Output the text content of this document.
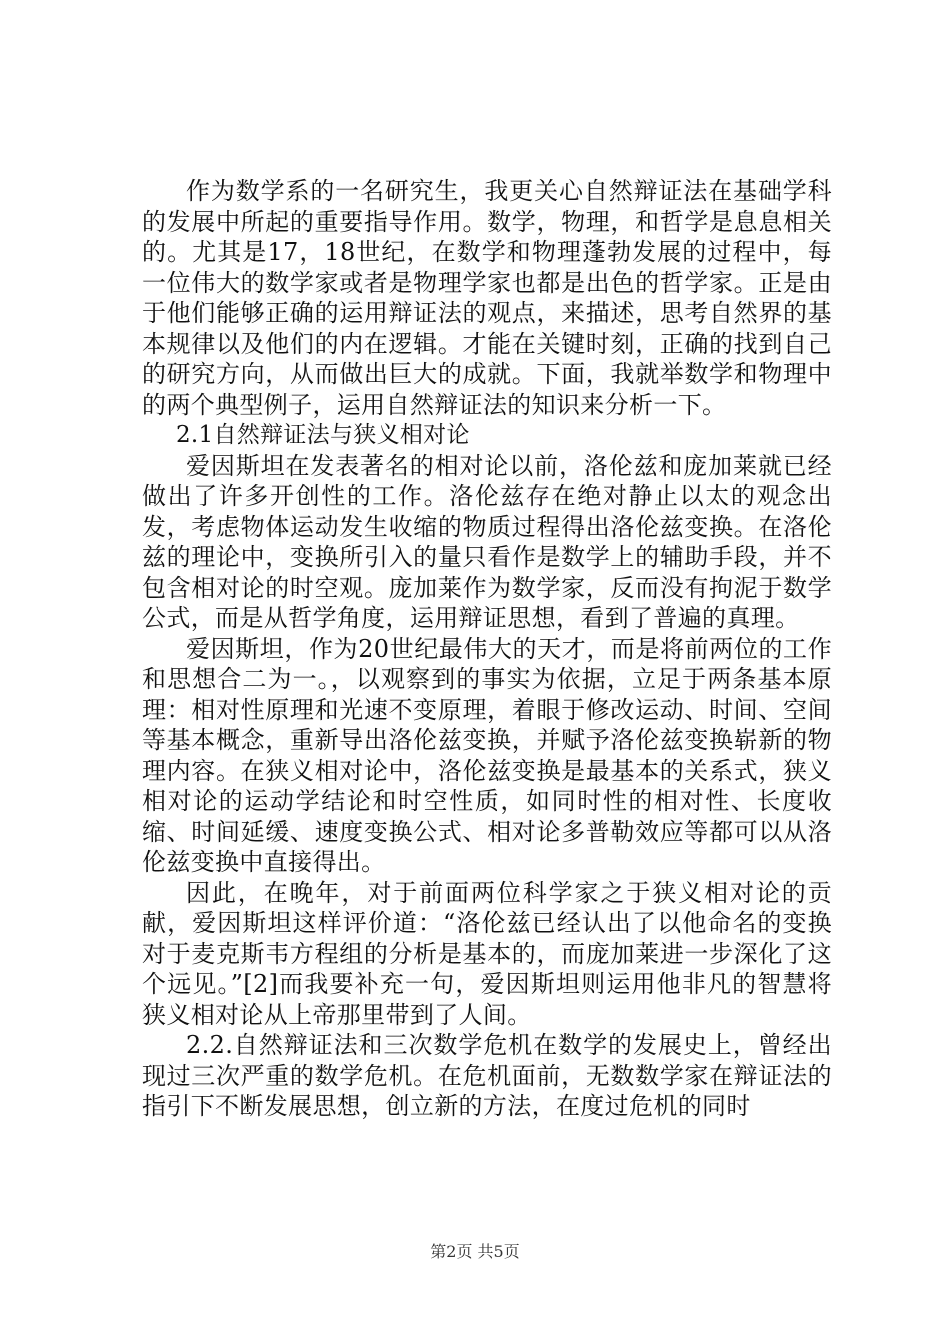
作为数学系的一名研究生，我更关心自然辩证法在基础学科的发展中所起的重要指导作用。数学，物理，和哲学是息息相关的。尤其是17，18世纪，在数学和物理蓬勃发展的过程中，每一位伟大的数学家或者是物理学家也都是出色的哲学家。正是由于他们能够正确的运用辩证法的观点，来描述，思考自然界的基本规律以及他们的内在逻辑。才能在关键时刻，正确的找到自己的研究方向，从而做出巨大的成就。下面，我就举数学和物理中的两个典型例子，运用自然辩证法的知识来分析一下。

2.1自然辩证法与狭义相对论

爱因斯坦在发表著名的相对论以前，洛伦兹和庞加莱就已经做出了许多开创性的工作。洛伦兹存在绝对静止以太的观念出发，考虑物体运动发生收缩的物质过程得出洛伦兹变换。在洛伦兹的理论中，变换所引入的量只看作是数学上的辅助手段，并不包含相对论的时空观。庞加莱作为数学家，反而没有拘泥于数学公式，而是从哲学角度，运用辩证思想，看到了普遍的真理。

爱因斯坦，作为20世纪最伟大的天才，而是将前两位的工作和思想合二为一。，以观察到的事实为依据，立足于两条基本原理：相对性原理和光速不变原理，着眼于修改运动、时间、空间等基本概念，重新导出洛伦兹变换，并赋予洛伦兹变换崭新的物理内容。在狭义相对论中，洛伦兹变换是最基本的关系式，狭义相对论的运动学结论和时空性质，如同时性的相对性、长度收缩、时间延缓、速度变换公式、相对论多普勒效应等都可以从洛伦兹变换中直接得出。

因此，在晚年，对于前面两位科学家之于狭义相对论的贡献，爱因斯坦这样评价道：“洛伦兹已经认出了以他命名的变换对于麦克斯韦方程组的分析是基本的，而庞加莱进一步深化了这个远见。”[2]而我要补充一句，爱因斯坦则运用他非凡的智慧将狭义相对论从上帝那里带到了人间。

2.2.自然辩证法和三次数学危机在数学的发展史上，曾经出现过三次严重的数学危机。在危机面前，无数数学家在辩证法的指引下不断发展思想，创立新的方法，在度过危机的同时

第2页 共5页
